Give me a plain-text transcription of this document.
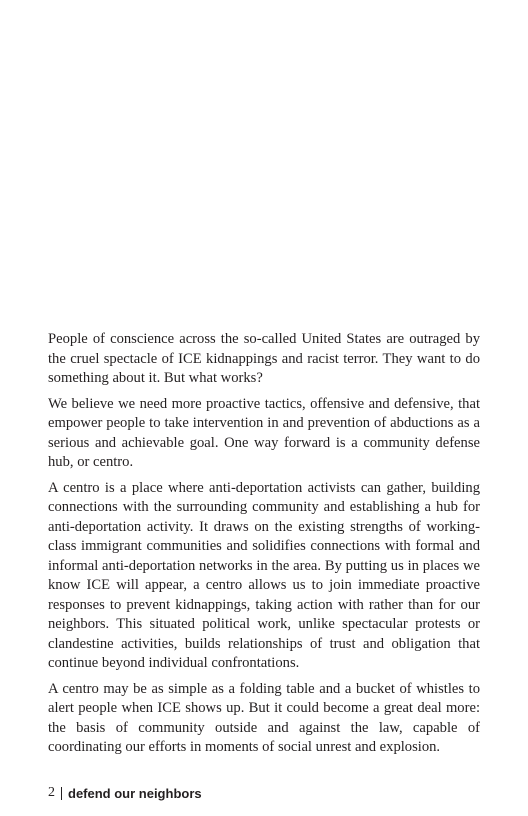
People of conscience across the so-called United States are outraged by the cruel spectacle of ICE kidnappings and racist terror. They want to do something about it. But what works?

We believe we need more proactive tactics, offensive and defensive, that empower people to take intervention in and prevention of abductions as a serious and achievable goal. One way forward is a community defense hub, or centro.

A centro is a place where anti-deportation activists can gather, building connections with the surrounding community and establishing a hub for anti-deportation activity. It draws on the existing strengths of working-class immigrant communities and solidifies connections with formal and informal anti-deportation networks in the area. By putting us in places we know ICE will appear, a centro allows us to join immediate proactive responses to prevent kidnappings, taking action with rather than for our neighbors. This situated political work, unlike spectacular protests or clandestine activities, builds relationships of trust and obligation that continue beyond individual confrontations.

A centro may be as simple as a folding table and a bucket of whistles to alert people when ICE shows up. But it could become a great deal more: the basis of community outside and against the law, capable of coordinating our efforts in moments of social unrest and explosion.

2 defend our neighbors
